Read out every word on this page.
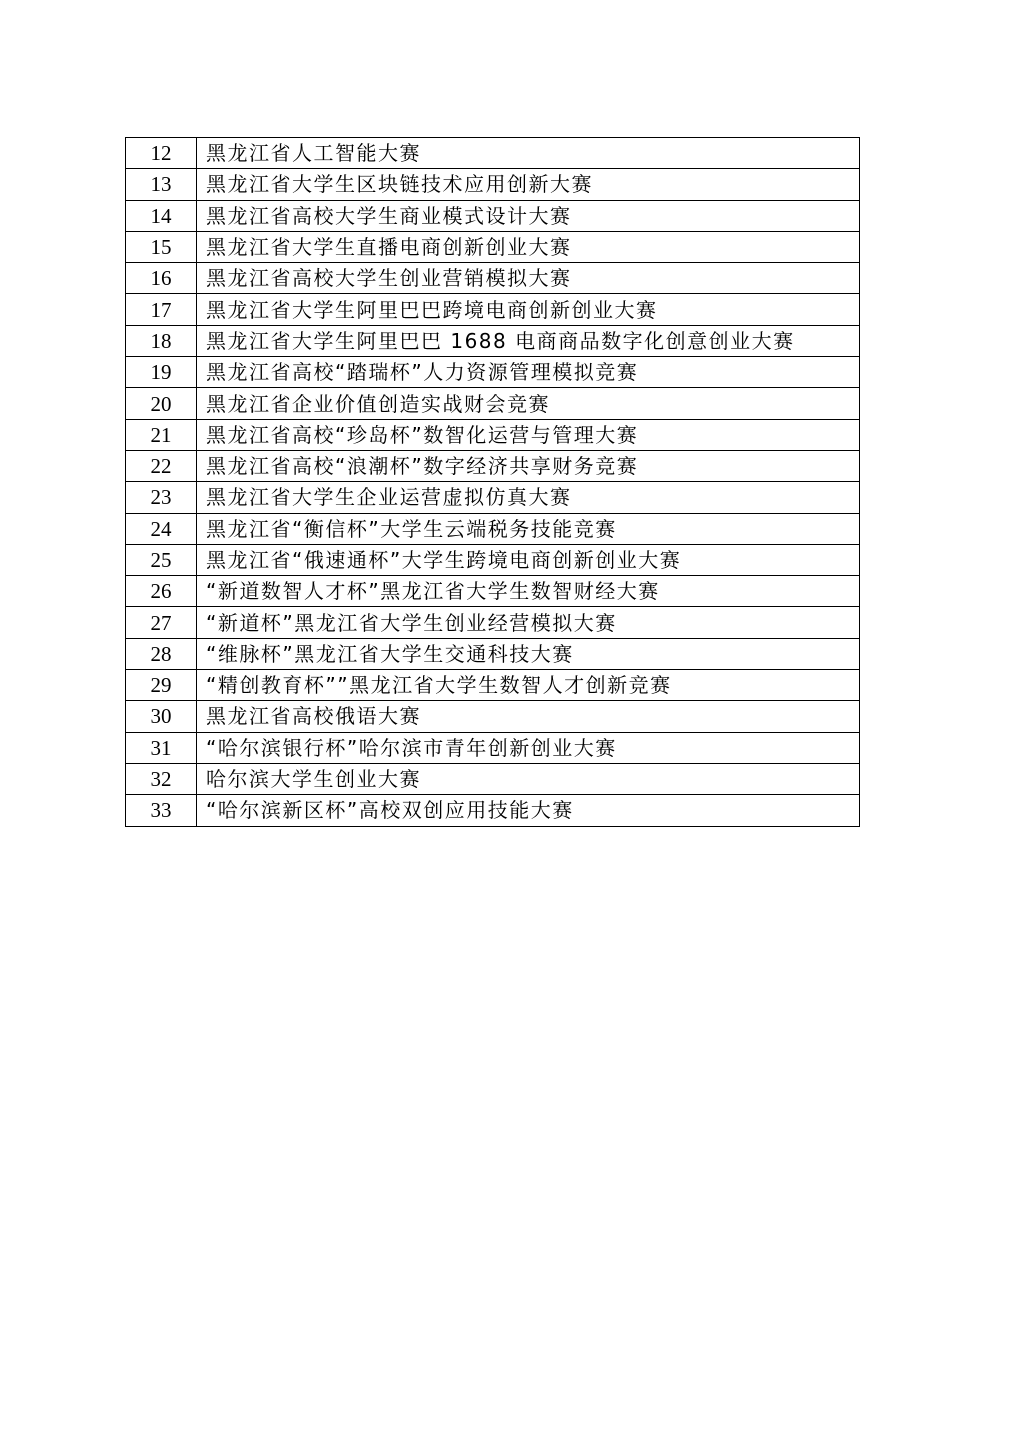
12	黑龙江省人工智能大赛
13	黑龙江省大学生区块链技术应用创新大赛
14	黑龙江省高校大学生商业模式设计大赛
15	黑龙江省大学生直播电商创新创业大赛
16	黑龙江省高校大学生创业营销模拟大赛
17	黑龙江省大学生阿里巴巴跨境电商创新创业大赛
18	黑龙江省大学生阿里巴巴 1688 电商商品数字化创意创业大赛
19	黑龙江省高校“踏瑞杯”人力资源管理模拟竞赛
20	黑龙江省企业价值创造实战财会竞赛
21	黑龙江省高校“珍岛杯”数智化运营与管理大赛
22	黑龙江省高校“浪潮杯”数字经济共享财务竞赛
23	黑龙江省大学生企业运营虚拟仿真大赛
24	黑龙江省“衡信杯”大学生云端税务技能竞赛
25	黑龙江省“俄速通杯”大学生跨境电商创新创业大赛
26	“新道数智人才杯”黑龙江省大学生数智财经大赛
27	“新道杯”黑龙江省大学生创业经营模拟大赛
28	“维脉杯”黑龙江省大学生交通科技大赛
29	“精创教育杯””黑龙江省大学生数智人才创新竞赛
30	黑龙江省高校俄语大赛
31	“哈尔滨银行杯”哈尔滨市青年创新创业大赛
32	哈尔滨大学生创业大赛
33	“哈尔滨新区杯”高校双创应用技能大赛
